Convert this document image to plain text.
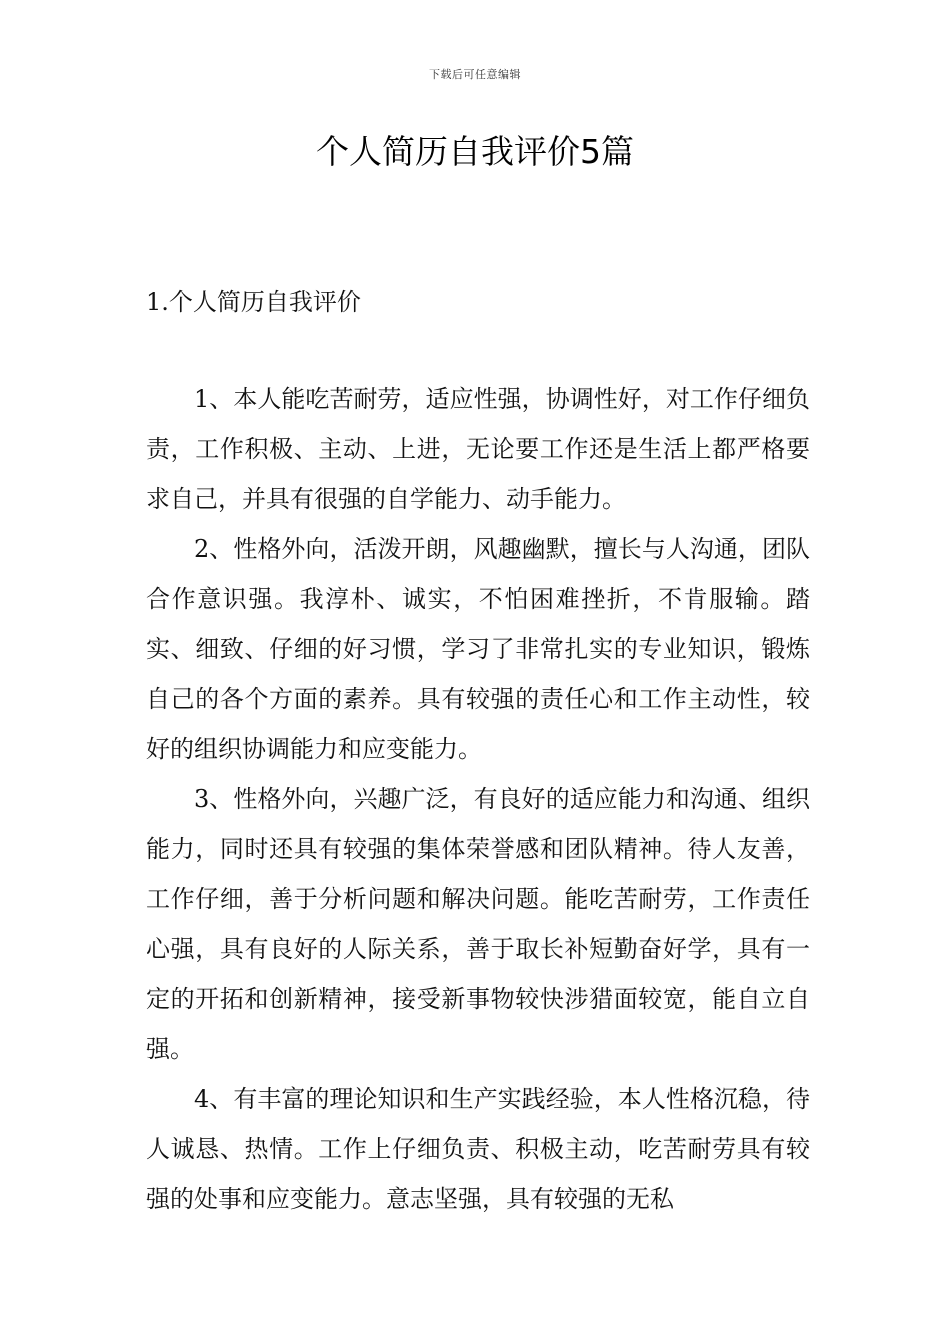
下载后可任意编辑
个人简历自我评价5篇
1.个人简历自我评价

1、本人能吃苦耐劳，适应性强，协调性好，对工作仔细负责，工作积极、主动、上进，无论要工作还是生活上都严格要求自己，并具有很强的自学能力、动手能力。

2、性格外向，活泼开朗，风趣幽默，擅长与人沟通，团队合作意识强。我淳朴、诚实，不怕困难挫折，不肯服输。踏实、细致、仔细的好习惯，学习了非常扎实的专业知识，锻炼自己的各个方面的素养。具有较强的责任心和工作主动性，较好的组织协调能力和应变能力。

3、性格外向，兴趣广泛，有良好的适应能力和沟通、组织能力，同时还具有较强的集体荣誉感和团队精神。待人友善，工作仔细，善于分析问题和解决问题。能吃苦耐劳，工作责任心强，具有良好的人际关系，善于取长补短勤奋好学，具有一定的开拓和创新精神，接受新事物较快涉猎面较宽，能自立自强。

4、有丰富的理论知识和生产实践经验，本人性格沉稳，待人诚恳、热情。工作上仔细负责、积极主动，吃苦耐劳具有较强的处事和应变能力。意志坚强，具有较强的无私
